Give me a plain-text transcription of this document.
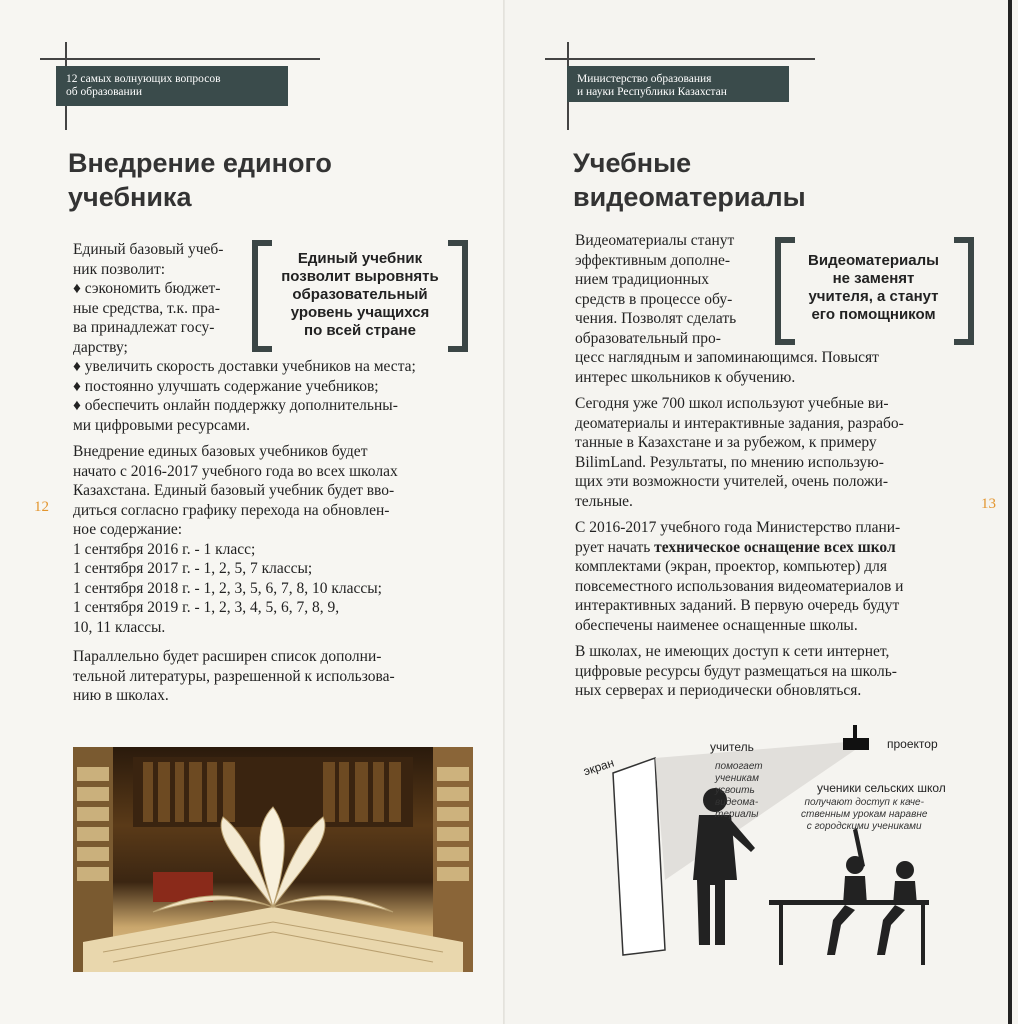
12 самых волнующих вопросов
об образовании
Внедрение единого
учебника
Единый учебник
позволит выровнять
образовательный
уровень учащихся
по всей стране
Единый базовый учеб-
ник позволит:
♦ сэкономить бюджет-
ные средства, т.к. пра-
ва принадлежат госу-
дарству;

♦ увеличить скорость доставки учебников на места;
♦ постоянно улучшать содержание учебников;
♦ обеспечить онлайн поддержку дополнительны-
ми цифровыми ресурсами.

Внедрение единых базовых учебников будет
начато с 2016-2017 учебного года во всех школах
Казахстана. Единый базовый учебник будет вво-
диться согласно графику перехода на обновлен-
ное содержание:
1 сентября 2016 г. - 1 класс;
1 сентября 2017 г. - 1, 2, 5, 7 классы;
1 сентября 2018 г. - 1, 2, 3, 5, 6, 7, 8, 10 классы;
1 сентября 2019 г. - 1, 2, 3, 4, 5, 6, 7, 8, 9,
10, 11 классы.

Параллельно будет расширен список дополни-
тельной литературы, разрешенной к использова-
нию в школах.

12
Министерство образования
и науки Республики Казахстан
Учебные
видеоматериалы
Видеоматериалы
не заменят
учителя, а станут
его помощником
Видеоматериалы станут
эффективным дополне-
нием традиционных
средств в процессе обу-
чения. Позволят сделать
образовательный про-

цесс наглядным и запоминающимся. Повысят
интерес школьников к обучению.

Сегодня уже 700 школ используют учебные ви-
деоматериалы и интерактивные задания, разрабо-
танные в Казахстане и за рубежом, к примеру
BilimLand. Результаты, по мнению использую-
щих эти возможности учителей, очень положи-
тельные.

С 2016-2017 учебного года Министерство плани-
рует начать техническое оснащение всех школ
комплектами (экран, проектор, компьютер) для
повсеместного использования видеоматериалов и
интерактивных заданий. В первую очередь будут
обеспечены наименее оснащенные школы.

В школах, не имеющих доступ к сети интернет,
цифровые ресурсы будут размещаться на школь-
ных серверах и периодически обновляться.

13
экран
учитель
помогает
ученикам
усвоить
видеома-
териалы
проектор
ученики сельских школ
получают доступ к каче-
ственным урокам наравне
с городскими учениками
